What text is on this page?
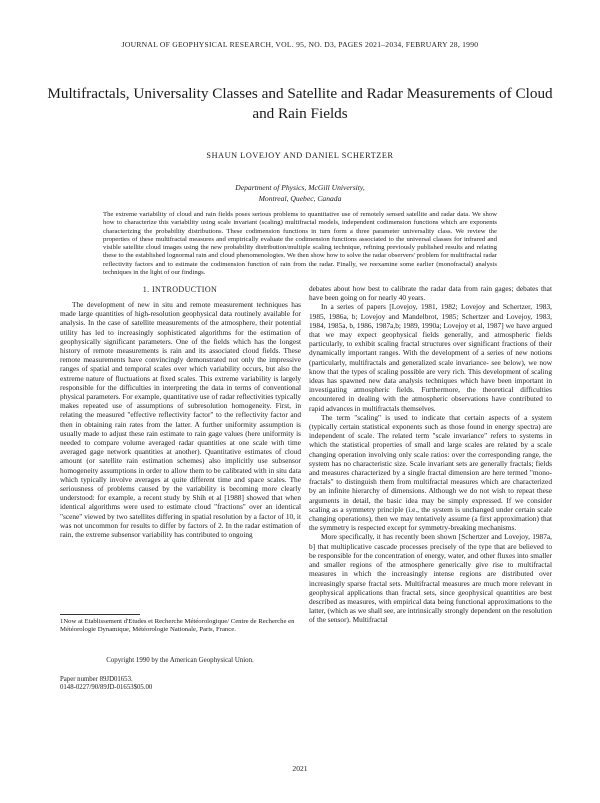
JOURNAL OF GEOPHYSICAL RESEARCH, VOL. 95, NO. D3, PAGES 2021–2034, FEBRUARY 28, 1990
Multifractals, Universality Classes and Satellite and Radar Measurements of Cloud and Rain Fields
SHAUN LOVEJOY AND DANIEL SCHERTZER
Department of Physics, McGill University,
Montreal, Quebec, Canada
The extreme variability of cloud and rain fields poses serious problems to quantitative use of remotely sensed satellite and radar data. We show how to characterize this variability using scale invariant (scaling) multifractal models, independent codimension functions which are exponents characterizing the probability distributions. These codimension functions in turn form a three parameter universality class. We review the properties of these multifractal measures and empirically evaluate the codimension functions associated to the universal classes for infrared and visible satellite cloud images using the new probability distribution/multiple scaling technique, refining previously published results and relating these to the established lognormal rain and cloud phenomenologies. We then show how to solve the radar observers' problem for multifractal radar reflectivity factors and to estimate the codimension function of rain from the radar. Finally, we reexamine some earlier (monofractal) analysis techniques in the light of our findings.
1. INTRODUCTION

The development of new in situ and remote measurement techniques has made large quantities of high-resolution geophysical data routinely available for analysis. In the case of satellite measurements of the atmosphere, their potential utility has led to increasingly sophisticated algorithms for the estimation of geophysically significant parameters. One of the fields which has the longest history of remote measurements is rain and its associated cloud fields. These remote measurements have convincingly demonstrated not only the impressive ranges of spatial and temporal scales over which variability occurs, but also the extreme nature of fluctuations at fixed scales. This extreme variability is largely responsible for the difficulties in interpreting the data in terms of conventional physical parameters. For example, quantitative use of radar reflectivities typically makes repeated use of assumptions of subresolution homogeneity. First, in relating the measured "effective reflectivity factor" to the reflectivity factor and then in obtaining rain rates from the latter. A further uniformity assumption is usually made to adjust these rain estimate to rain gage values (here uniformity is needed to compare volume averaged radar quantities at one scale with time averaged gage network quantities at another). Quantitative estimates of cloud amount (or satellite rain estimation schemes) also implicitly use subsensor homogeneity assumptions in order to allow them to be calibrated with in situ data which typically involve averages at quite different time and space scales. The seriousness of problems caused by the variability is becoming more clearly understood: for example, a recent study by Shih et al [1988] showed that when identical algorithms were used to estimate cloud "fractions" over an identical "scene" viewed by two satellites differing in spatial resolution by a factor of 10, it was not uncommon for results to differ by factors of 2. In the radar estimation of rain, the extreme subsensor variability has contributed to ongoing

debates about how best to calibrate the radar data from rain gages; debates that have been going on for nearly 40 years.

In a series of papers [Lovejoy, 1981, 1982; Lovejoy and Schertzer, 1983, 1985, 1986a, b; Lovejoy and Mandelbrot, 1985; Schertzer and Lovejoy, 1983, 1984, 1985a, b, 1986, 1987a,b; 1989, 1990a; Lovejoy et al, 1987] we have argued that we may expect geophysical fields generally, and atmospheric fields particularly, to exhibit scaling fractal structures over significant fractions of their dynamically important ranges. With the development of a series of new notions (particularly, multifractals and generalized scale invariance- see below), we now know that the types of scaling possible are very rich. This development of scaling ideas has spawned new data analysis techniques which have been important in investigating atmospheric fields. Furthermore, the theoretical difficulties encountered in dealing with the atmospheric observations have contributed to rapid advances in multifractals themselves.

The term "scaling" is used to indicate that certain aspects of a system (typically certain statistical exponents such as those found in energy spectra) are independent of scale. The related term "scale invariance" refers to systems in which the statistical properties of small and large scales are related by a scale changing operation involving only scale ratios: over the corresponding range, the system has no characteristic size. Scale invariant sets are generally fractals; fields and measures characterized by a single fractal dimension are here termed "mono-fractals" to distinguish them from multifractal measures which are characterized by an infinite hierarchy of dimensions. Although we do not wish to repeat these arguments in detail, the basic idea may be simply expressed. If we consider scaling as a symmetry principle (i.e., the system is unchanged under certain scale changing operations), then we may tentatively assume (a first approximation) that the symmetry is respected except for symmetry-breaking mechanisms.

More specifically, it has recently been shown [Schertzer and Lovejoy, 1987a, b] that multiplicative cascade processes precisely of the type that are believed to be responsible for the concentration of energy, water, and other fluxes into smaller and smaller regions of the atmosphere generically give rise to multifractal measures in which the increasingly intense regions are distributed over increasingly sparse fractal sets. Multifractal measures are much more relevant in geophysical applications than fractal sets, since geophysical quantities are best described as measures, with empirical data being functional approximations to the latter, (which as we shall see, are intrinsically strongly dependent on the resolution of the sensor). Multifractal

1Now at Etablissement d'Etudes et Recherche Météorologique/ Centre de Recherche en Météorologie Dynamique, Météorologie Nationale, Paris, France.
Copyright 1990 by the American Geophysical Union.
Paper number 89JD01653.
0148-0227/90/89JD-01653$05.00
2021
